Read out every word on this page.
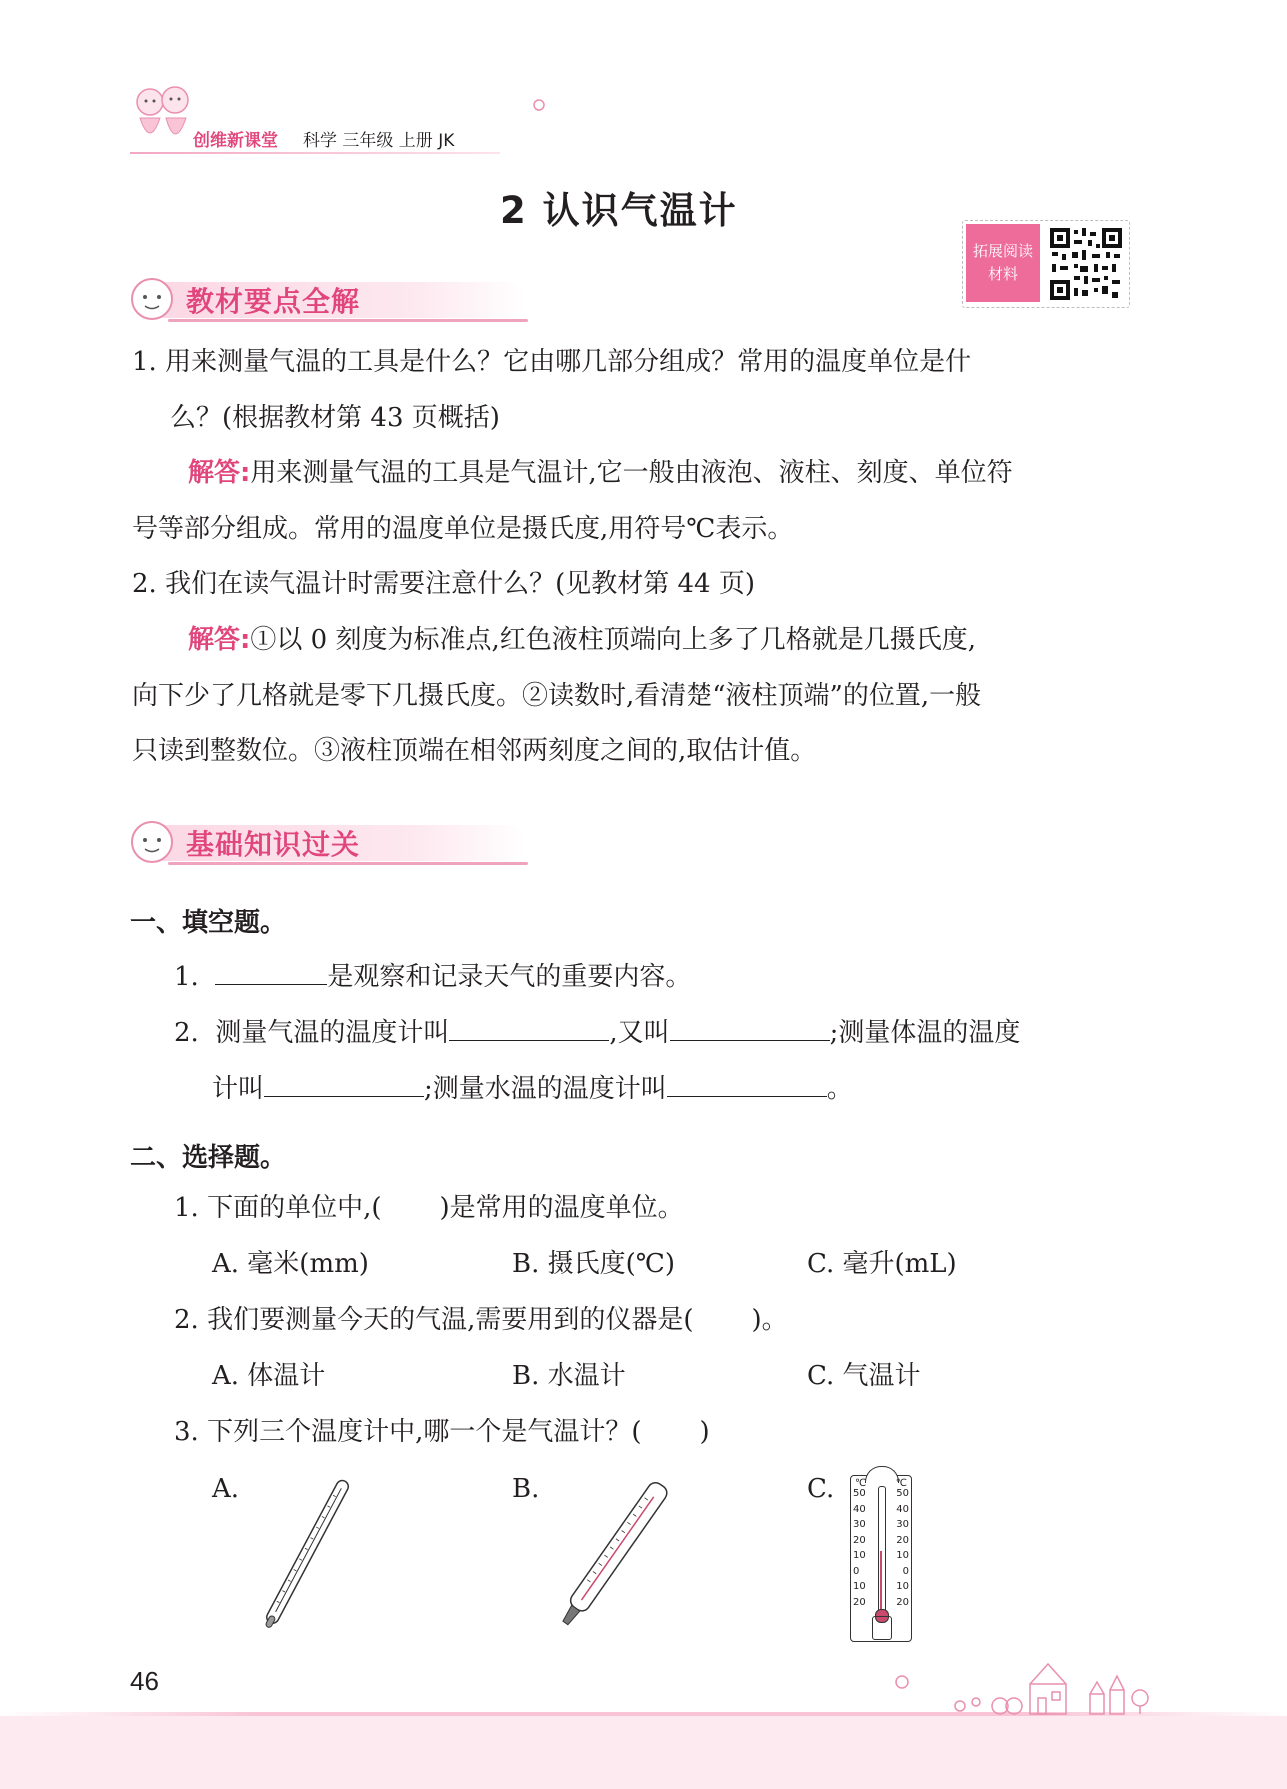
创维新课堂 科学 三年级 上册 JK
2 认识气温计
拓展阅读
材料
教材要点全解
1. 用来测量气温的工具是什么？它由哪几部分组成？常用的温度单位是什
么？(根据教材第 43 页概括)
解答:用来测量气温的工具是气温计,它一般由液泡、液柱、刻度、单位符
号等部分组成。常用的温度单位是摄氏度,用符号℃表示。
2. 我们在读气温计时需要注意什么？(见教材第 44 页)
解答:①以 0 刻度为标准点,红色液柱顶端向上多了几格就是几摄氏度,
向下少了几格就是零下几摄氏度。②读数时,看清楚“液柱顶端”的位置,一般
只读到整数位。③液柱顶端在相邻两刻度之间的,取估计值。
基础知识过关
一、填空题。
1.	是观察和记录天气的重要内容。
2. 测量气温的温度计叫	,又叫	;测量体温的温度
计叫	;测量水温的温度计叫	。
二、选择题。
1. 下面的单位中,( )是常用的温度单位。
A. 毫米(mm)	B. 摄氏度(℃)	C. 毫升(mL)
2. 我们要测量今天的气温,需要用到的仪器是( )。
A. 体温计	B. 水温计	C. 气温计
3. 下列三个温度计中,哪一个是气温计？( )
A.	B.	C. ℃	℃
50
40
30
20
10
0
10
20
50
40
30
20
10
0
10
20
46
